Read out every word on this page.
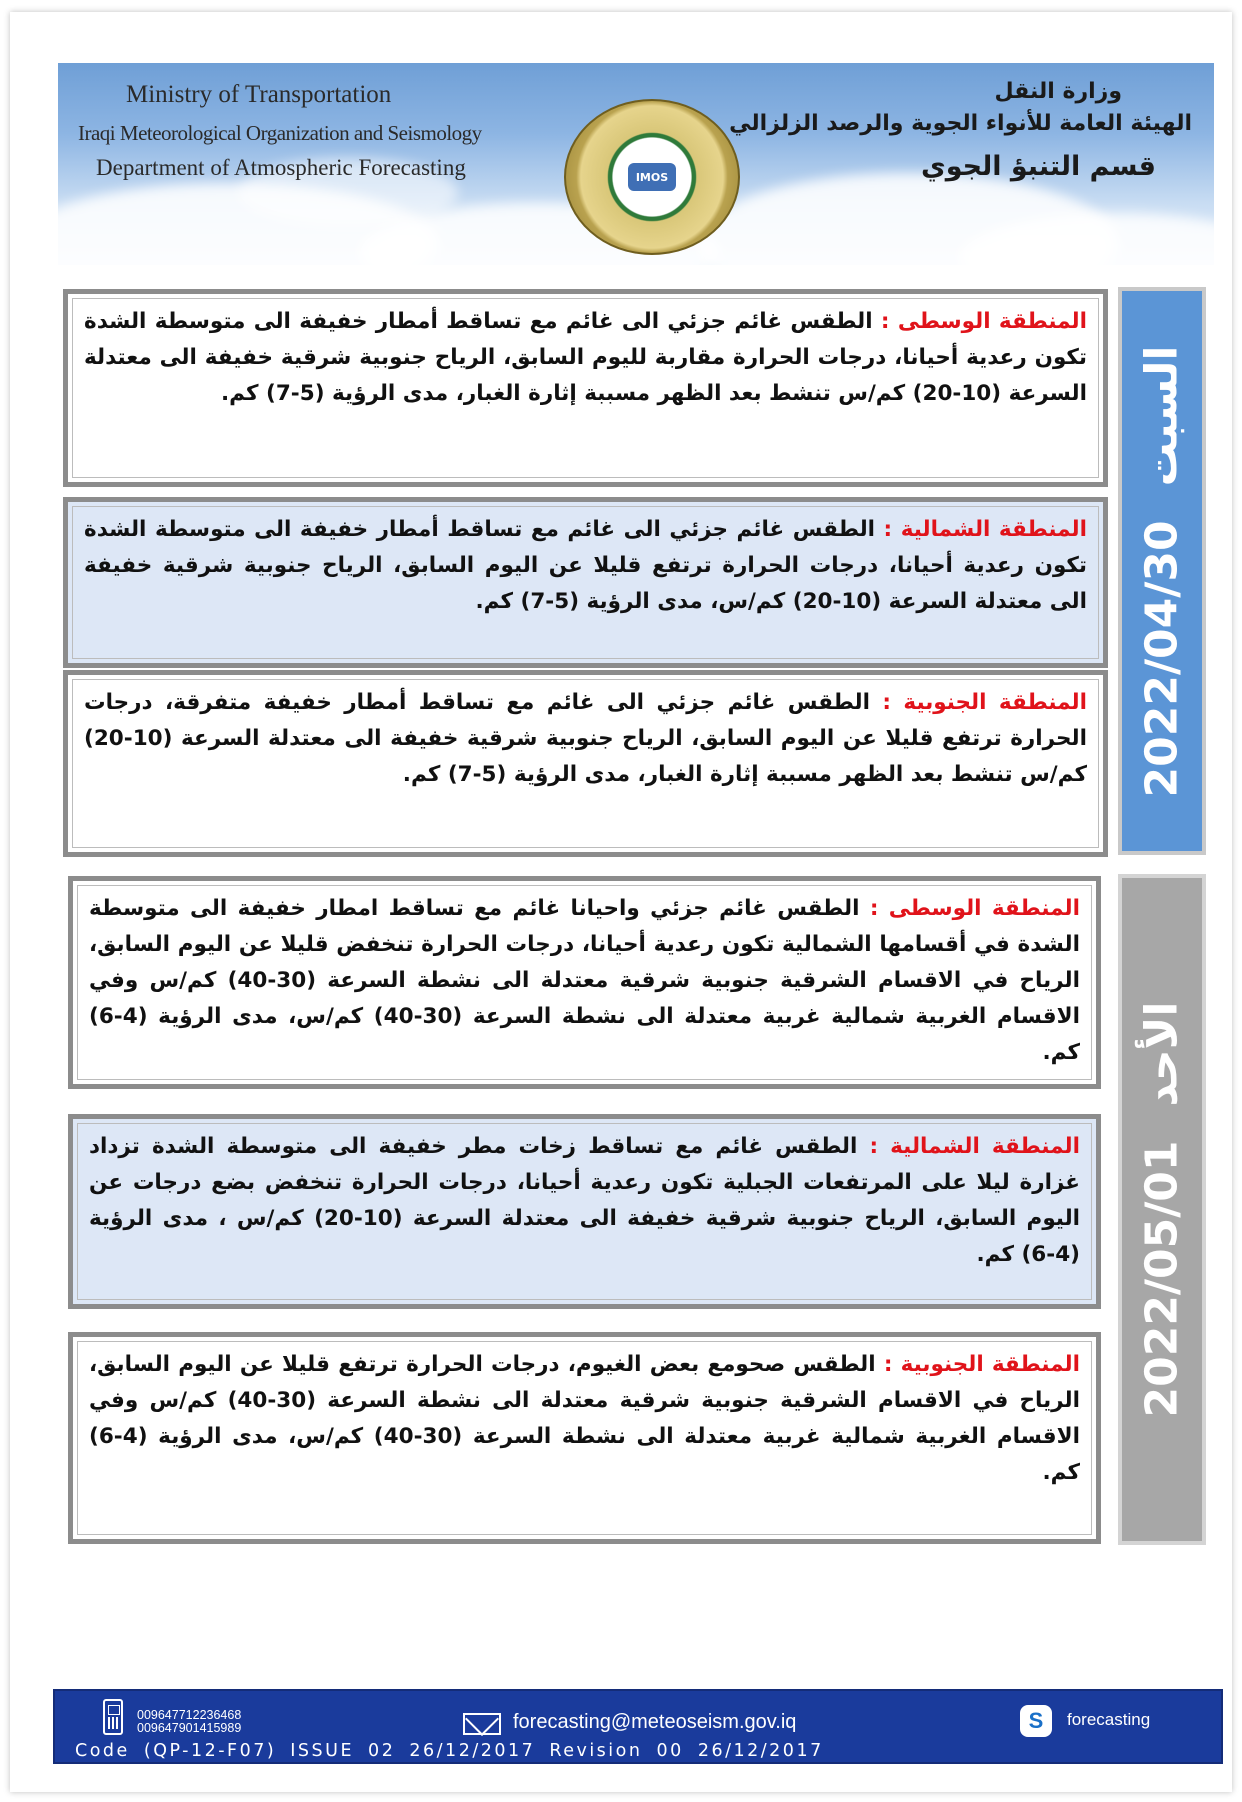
Ministry of Transportation
Iraqi Meteorological Organization and Seismology
Department of Atmospheric Forecasting	IMOS
وزارة النقل
الهيئة العامة للأنواء الجوية والرصد الزلزالي
قسم التنبؤ الجوي
2022/04/30
السبت

المنطقة الوسطى : الطقس غائم جزئي الى غائم مع تساقط أمطار خفيفة الى متوسطة الشدة تكون رعدية أحيانا، درجات الحرارة مقاربة لليوم السابق، الرياح جنوبية شرقية خفيفة الى معتدلة السرعة (10-20) كم/س تنشط بعد الظهر مسببة إثارة الغبار، مدى الرؤية (5-7) كم.

المنطقة الشمالية : الطقس غائم جزئي الى غائم مع تساقط أمطار خفيفة الى متوسطة الشدة تكون رعدية أحيانا، درجات الحرارة ترتفع قليلا عن اليوم السابق، الرياح جنوبية شرقية خفيفة الى معتدلة السرعة (10-20) كم/س، مدى الرؤية (5-7) كم.

المنطقة الجنوبية : الطقس غائم جزئي الى غائم مع تساقط أمطار خفيفة متفرقة، درجات الحرارة ترتفع قليلا عن اليوم السابق، الرياح جنوبية شرقية خفيفة الى معتدلة السرعة (10-20) كم/س تنشط بعد الظهر مسببة إثارة الغبار، مدى الرؤية (5-7) كم.

2022/05/01
الأحد

المنطقة الوسطى : الطقس غائم جزئي واحيانا غائم مع تساقط امطار خفيفة الى متوسطة الشدة في أقسامها الشمالية تكون رعدية أحيانا، درجات الحرارة تنخفض قليلا عن اليوم السابق، الرياح في الاقسام الشرقية جنوبية شرقية معتدلة الى نشطة السرعة (30-40) كم/س وفي الاقسام الغربية شمالية غربية معتدلة الى نشطة السرعة (30-40) كم/س، مدى الرؤية (4-6) كم.

المنطقة الشمالية : الطقس غائم مع تساقط زخات مطر خفيفة الى متوسطة الشدة تزداد غزارة ليلا على المرتفعات الجبلية تكون رعدية أحيانا، درجات الحرارة تنخفض بضع درجات عن اليوم السابق، الرياح جنوبية شرقية خفيفة الى معتدلة السرعة (10-20) كم/س ، مدى الرؤية (4-6) كم.

المنطقة الجنوبية : الطقس صحومع بعض الغيوم، درجات الحرارة ترتفع قليلا عن اليوم السابق، الرياح في الاقسام الشرقية جنوبية شرقية معتدلة الى نشطة السرعة (30-40) كم/س وفي الاقسام الغربية شمالية غربية معتدلة الى نشطة السرعة (30-40) كم/س، مدى الرؤية (4-6) كم.

009647712236468
009647901415989	forecasting@meteoseism.gov.iq	S	forecasting
Code (QP-12-F07) ISSUE 02 26/12/2017 Revision 00 26/12/2017
